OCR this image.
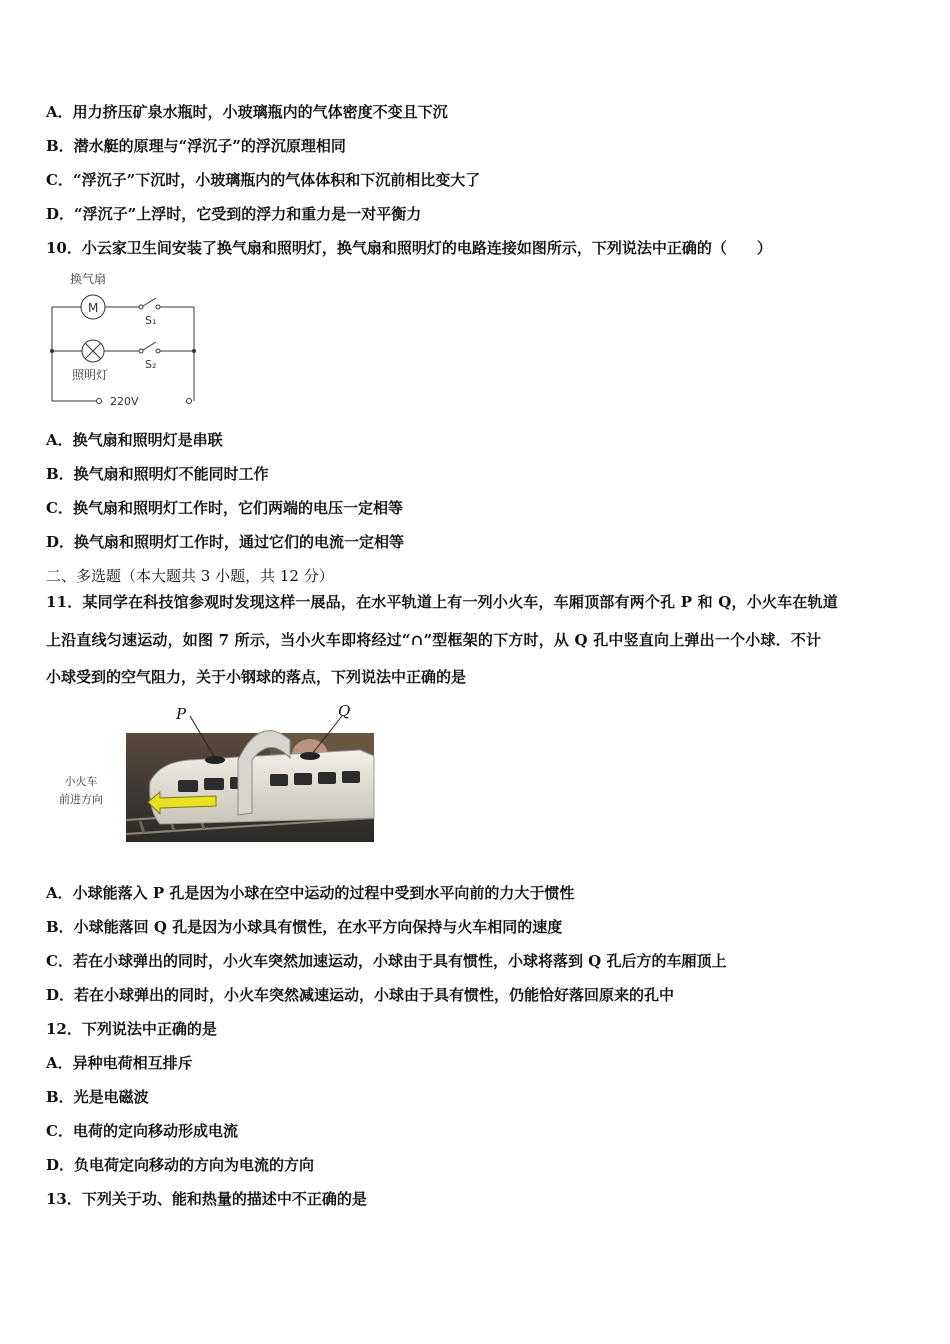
A．用力挤压矿泉水瓶时，小玻璃瓶内的气体密度不变且下沉
B．潜水艇的原理与“浮沉子”的浮沉原理相同
C．“浮沉子”下沉时，小玻璃瓶内的气体体积和下沉前相比变大了
D．“浮沉子”上浮时，它受到的浮力和重力是一对平衡力
10．小云家卫生间安装了换气扇和照明灯，换气扇和照明灯的电路连接如图所示，下列说法中正确的（　　）
换气扇
M
S₁
S₂
照明灯
220V
A．换气扇和照明灯是串联
B．换气扇和照明灯不能同时工作
C．换气扇和照明灯工作时，它们两端的电压一定相等
D．换气扇和照明灯工作时，通过它们的电流一定相等
二、多选题（本大题共 3 小题，共 12 分）
11．某同学在科技馆参观时发现这样一展品，在水平轨道上有一列小火车，车厢顶部有两个孔 P 和 Q，小火车在轨道
上沿直线匀速运动，如图 7 所示，当小火车即将经过“∩”型框架的下方时，从 Q 孔中竖直向上弹出一个小球．不计
小球受到的空气阻力，关于小钢球的落点，下列说法中正确的是
小火车
前进方向
P	Q
A．小球能落入 P 孔是因为小球在空中运动的过程中受到水平向前的力大于惯性
B．小球能落回 Q 孔是因为小球具有惯性，在水平方向保持与火车相同的速度
C．若在小球弹出的同时，小火车突然加速运动，小球由于具有惯性，小球将落到 Q 孔后方的车厢顶上
D．若在小球弹出的同时，小火车突然减速运动，小球由于具有惯性，仍能恰好落回原来的孔中
12．下列说法中正确的是
A．异种电荷相互排斥
B．光是电磁波
C．电荷的定向移动形成电流
D．负电荷定向移动的方向为电流的方向
13．下列关于功、能和热量的描述中不正确的是
